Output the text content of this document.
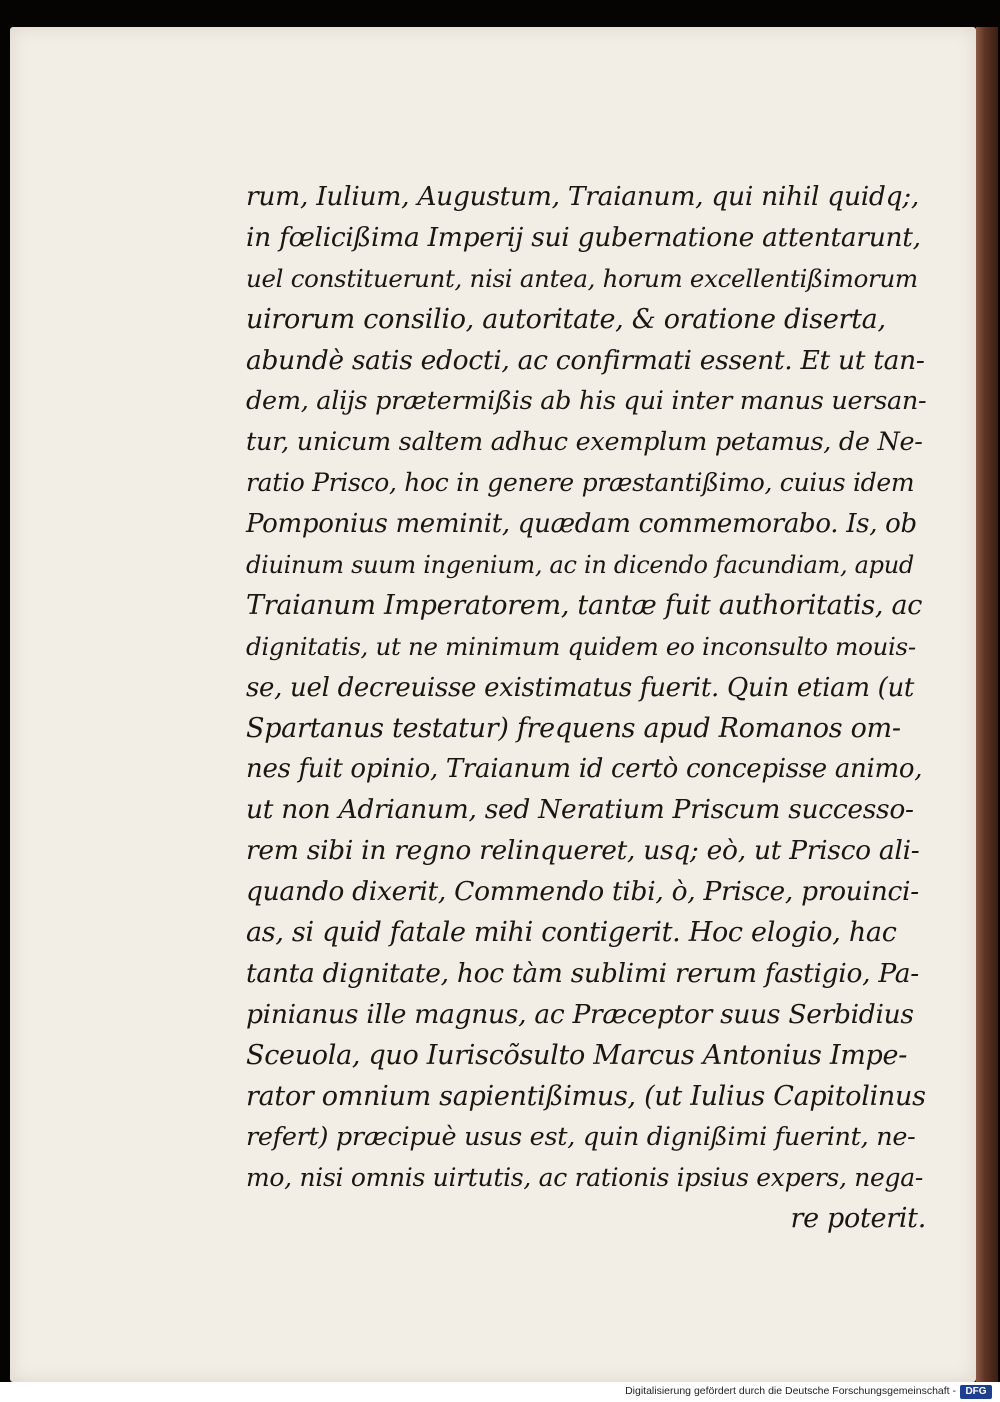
rum, Iulium, Augustum, Traianum, qui nihil quidq;,
in fœlicißima Imperij sui gubernatione attentarunt,
uel constituerunt, nisi antea, horum excellentißimorum
uirorum consilio, autoritate, & oratione diserta,
abundè satis edocti, ac confirmati essent. Et ut tan-
dem, alijs prætermißis ab his qui inter manus uersan-
tur, unicum saltem adhuc exemplum petamus, de Ne-
ratio Prisco, hoc in genere præstantißimo, cuius idem
Pomponius meminit, quædam commemorabo. Is, ob
diuinum suum ingenium, ac in dicendo facundiam, apud
Traianum Imperatorem, tantæ fuit authoritatis, ac
dignitatis, ut ne minimum quidem eo inconsulto mouis-
se, uel decreuisse existimatus fuerit. Quin etiam (ut
Spartanus testatur) frequens apud Romanos om-
nes fuit opinio, Traianum id certò concepisse animo,
ut non Adrianum, sed Neratium Priscum successo-
rem sibi in regno relinqueret, usq; eò, ut Prisco ali-
quando dixerit, Commendo tibi, ò, Prisce, prouinci-
as, si quid fatale mihi contigerit. Hoc elogio, hac
tanta dignitate, hoc tàm sublimi rerum fastigio, Pa-
pinianus ille magnus, ac Præceptor suus Serbidius
Sceuola, quo Iuriscõsulto Marcus Antonius Impe-
rator omnium sapientißimus, (ut Iulius Capitolinus
refert) præcipuè usus est, quin dignißimi fuerint, ne-
mo, nisi omnis uirtutis, ac rationis ipsius expers, nega-
re poterit.
Digitalisierung gefördert durch die Deutsche Forschungsgemeinschaft - DFG
